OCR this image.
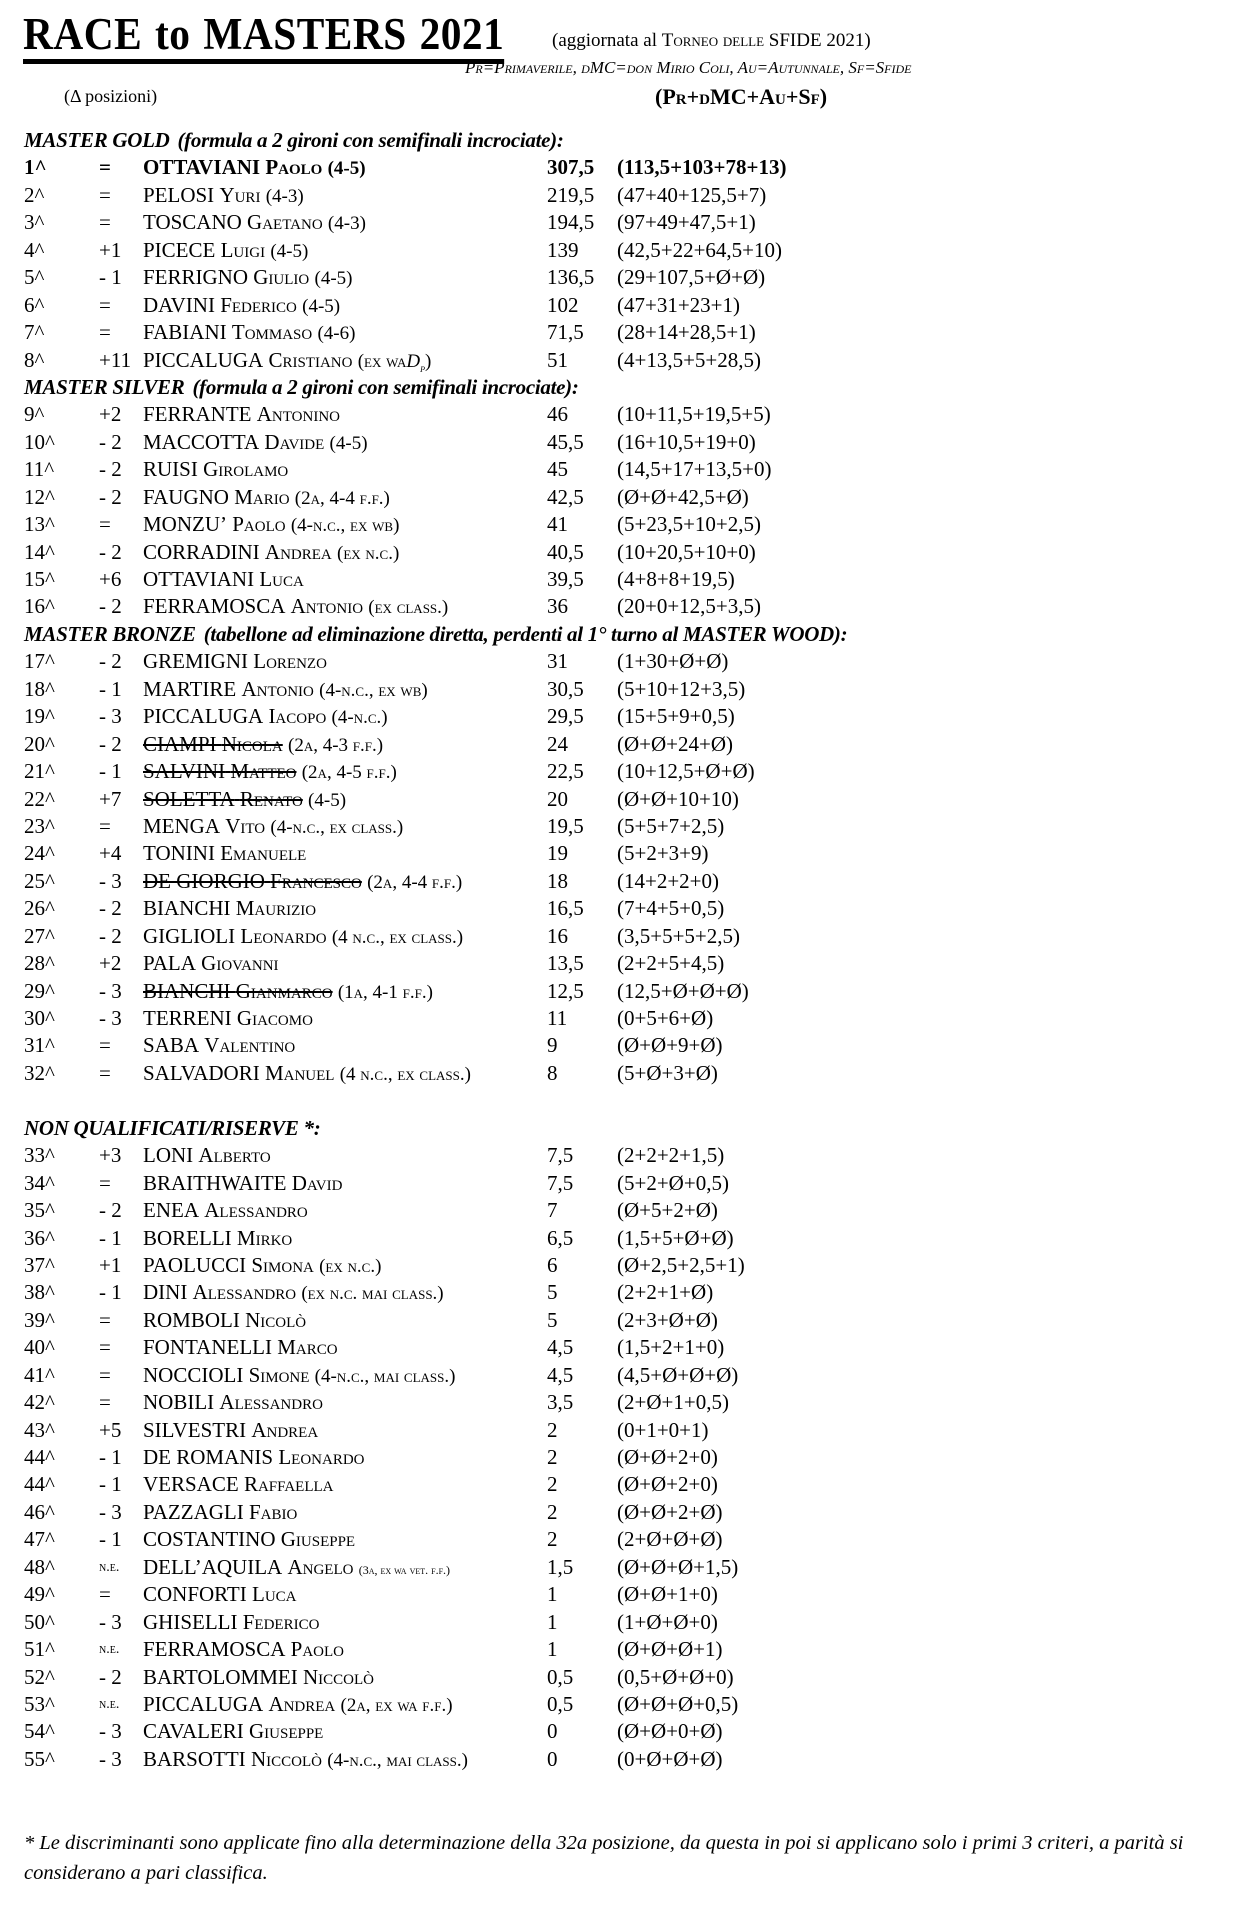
RACE to MASTERS 2021	(aggiornata al Torneo delle SFIDE 2021)
Pr=Primaverile, dMC=don Mirio Coli, Au=Autunnale, Sf=Sfide
(Δ posizioni)	(Pr+dMC+Au+Sf)
MASTER GOLD (formula a 2 gironi con semifinali incrociate):
1^ = OTTAVIANI Paolo (4-5)	307,5 (113,5+103+78+13)
2^	= PELOSI Yuri (4-3)	219,5 (47+40+125,5+7)
3^	= TOSCANO Gaetano (4-3)	194,5 (97+49+47,5+1)
4^	+1 PICECE Luigi (4-5)	139 (42,5+22+64,5+10)
5^	- 1 FERRIGNO Giulio (4-5)	136,5 (29+107,5+Ø+Ø)
6^	= DAVINI Federico (4-5)	102 (47+31+23+1)
7^	= FABIANI Tommaso (4-6)	71,5 (28+14+28,5+1)
8^	+11 PICCALUGA Cristiano (ex waD$_p$)	51 (4+13,5+5+28,5)
MASTER SILVER (formula a 2 gironi con semifinali incrociate):
9^	+2 FERRANTE Antonino	46 (10+11,5+19,5+5)
10^ - 2 MACCOTTA Davide (4-5)	45,5 (16+10,5+19+0)
11^ - 2 RUISI Girolamo	45 (14,5+17+13,5+0)
12^ - 2 FAUGNO Mario (2a, 4-4 f.f.)	42,5 (Ø+Ø+42,5+Ø)
13^ = MONZU’ Paolo (4-n.c., ex wb)	41 (5+23,5+10+2,5)
14^ - 2 CORRADINI Andrea (ex n.c.)	40,5 (10+20,5+10+0)
15^ +6 OTTAVIANI Luca	39,5 (4+8+8+19,5)
16^ - 2 FERRAMOSCA Antonio (ex class.)	36 (20+0+12,5+3,5)
MASTER BRONZE (tabellone ad eliminazione diretta, perdenti al 1° turno al MASTER WOOD):
17^ - 2 GREMIGNI Lorenzo	31 (1+30+Ø+Ø)
18^ - 1 MARTIRE Antonio (4-n.c., ex wb)	30,5 (5+10+12+3,5)
19^ - 3 PICCALUGA Iacopo (4-n.c.)	29,5 (15+5+9+0,5)
20^ - 2 CIAMPI Nicola (2a, 4-3 f.f.)	24 (Ø+Ø+24+Ø)
21^ - 1 SALVINI Matteo (2a, 4-5 f.f.)	22,5 (10+12,5+Ø+Ø)
22^ +7 SOLETTA Renato (4-5)	20 (Ø+Ø+10+10)
23^ = MENGA Vito (4-n.c., ex class.)	19,5 (5+5+7+2,5)
24^ +4 TONINI Emanuele	19 (5+2+3+9)
25^ - 3 DE GIORGIO Francesco (2a, 4-4 f.f.)	18 (14+2+2+0)
26^ - 2 BIANCHI Maurizio	16,5 (7+4+5+0,5)
27^ - 2 GIGLIOLI Leonardo (4 n.c., ex class.)	16 (3,5+5+5+2,5)
28^ +2 PALA Giovanni	13,5 (2+2+5+4,5)
29^ - 3 BIANCHI Gianmarco (1a, 4-1 f.f.)	12,5 (12,5+Ø+Ø+Ø)
30^ - 3 TERRENI Giacomo	11 (0+5+6+Ø)
31^ = SABA Valentino	9	(Ø+Ø+9+Ø)
32^ = SALVADORI Manuel (4 n.c., ex class.)	8	(5+Ø+3+Ø)
NON QUALIFICATI/RISERVE *:
33^ +3 LONI Alberto	7,5 (2+2+2+1,5)
34^ = BRAITHWAITE David	7,5 (5+2+Ø+0,5)
35^ - 2 ENEA Alessandro	7	(Ø+5+2+Ø)
36^ - 1 BORELLI Mirko	6,5 (1,5+5+Ø+Ø)
37^ +1 PAOLUCCI Simona (ex n.c.)	6	(Ø+2,5+2,5+1)
38^ - 1 DINI Alessandro (ex n.c. mai class.)	5	(2+2+1+Ø)
39^ = ROMBOLI Nicolò	5	(2+3+Ø+Ø)
40^ = FONTANELLI Marco	4,5 (1,5+2+1+0)
41^ = NOCCIOLI Simone (4-n.c., mai class.)	4,5 (4,5+Ø+Ø+Ø)
42^ = NOBILI Alessandro	3,5 (2+Ø+1+0,5)
43^ +5 SILVESTRI Andrea	2	(0+1+0+1)
44^ - 1 DE ROMANIS Leonardo	2	(Ø+Ø+2+0)
44^ - 1 VERSACE Raffaella	2	(Ø+Ø+2+0)
46^ - 3 PAZZAGLI Fabio	2	(Ø+Ø+2+Ø)
47^ - 1 COSTANTINO Giuseppe	2	(2+Ø+Ø+Ø)
48^	n.e. DELL’AQUILA Angelo (3a, ex wa vet. f.f.)	1,5 (Ø+Ø+Ø+1,5)
49^ = CONFORTI Luca	1	(Ø+Ø+1+0)
50^ - 3 GHISELLI Federico	1	(1+Ø+Ø+0)
51^	n.e. FERRAMOSCA Paolo	1	(Ø+Ø+Ø+1)
52^ - 2 BARTOLOMMEI Niccolò	0,5 (0,5+Ø+Ø+0)
53^	n.e. PICCALUGA Andrea (2a, ex wa f.f.)	0,5 (Ø+Ø+Ø+0,5)
54^ - 3 CAVALERI Giuseppe	0	(Ø+Ø+0+Ø)
55^ - 3 BARSOTTI Niccolò (4-n.c., mai class.)	0	(0+Ø+Ø+Ø)
* Le discriminanti sono applicate fino alla determinazione della 32a posizione, da questa in poi si applicano solo i primi 3 criteri, a parità si considerano a pari classifica.
